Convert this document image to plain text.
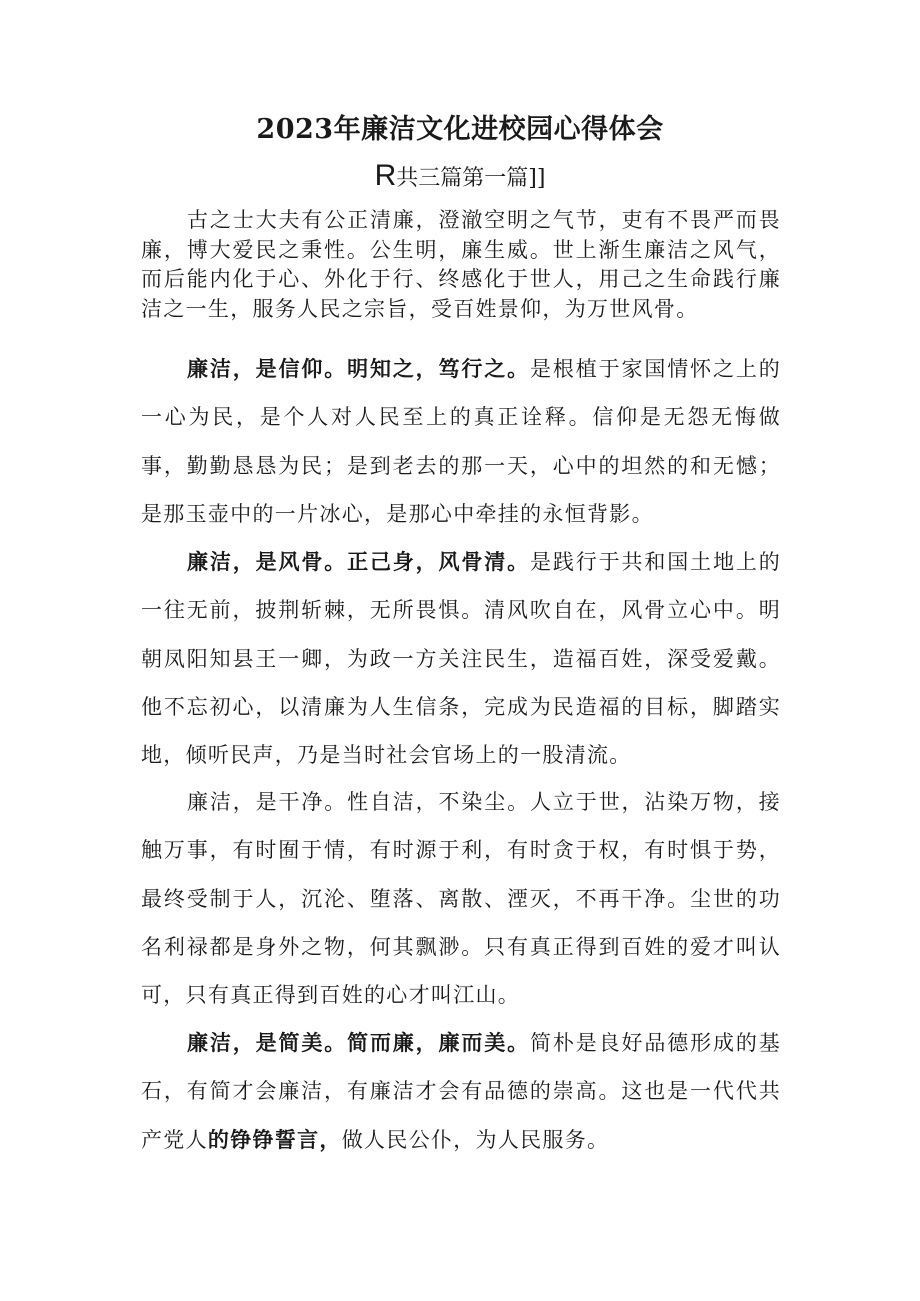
2023年廉洁文化进校园心得体会
R共三篇第一篇]]

古之士大夫有公正清廉，澄澈空明之气节，吏有不畏严而畏廉，博大爱民之秉性。公生明，廉生威。世上渐生廉洁之风气，而后能内化于心、外化于行、终感化于世人，用己之生命践行廉洁之一生，服务人民之宗旨，受百姓景仰，为万世风骨。

廉洁，是信仰。明知之，笃行之。是根植于家国情怀之上的一心为民，是个人对人民至上的真正诠释。信仰是无怨无悔做事，勤勤恳恳为民；是到老去的那一天，心中的坦然的和无憾；是那玉壶中的一片冰心，是那心中牵挂的永恒背影。

廉洁，是风骨。正己身，风骨清。是践行于共和国土地上的一往无前，披荆斩棘，无所畏惧。清风吹自在，风骨立心中。明朝凤阳知县王一卿，为政一方关注民生，造福百姓，深受爱戴。他不忘初心，以清廉为人生信条，完成为民造福的目标，脚踏实地，倾听民声，乃是当时社会官场上的一股清流。

廉洁，是干净。性自洁，不染尘。人立于世，沾染万物，接触万事，有时囿于情，有时源于利，有时贪于权，有时惧于势，最终受制于人，沉沦、堕落、离散、湮灭，不再干净。尘世的功名利禄都是身外之物，何其飘渺。只有真正得到百姓的爱才叫认可，只有真正得到百姓的心才叫江山。

廉洁，是简美。简而廉，廉而美。简朴是良好品德形成的基石，有简才会廉洁，有廉洁才会有品德的崇高。这也是一代代共产党人的铮铮誓言，做人民公仆，为人民服务。
